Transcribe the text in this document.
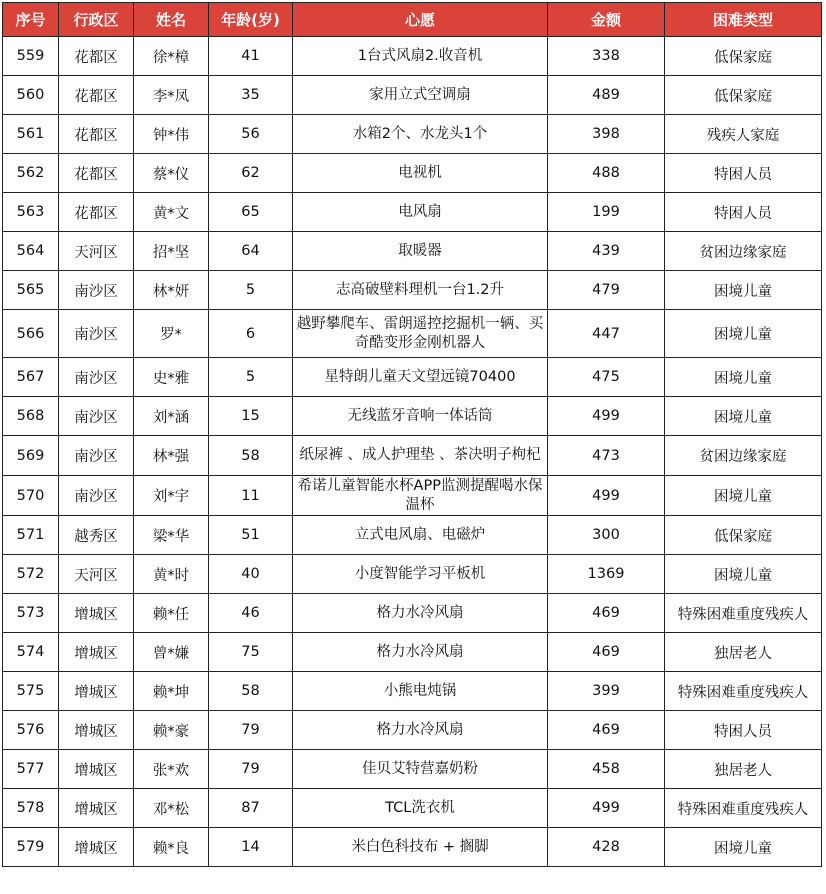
序号	行政区	姓名	年龄(岁)	心愿	金额	困难类型
559	花都区	徐*樟	41	1台式风扇2.收音机	338	低保家庭
560	花都区	李*凤	35	家用立式空调扇	489	低保家庭
561	花都区	钟*伟	56	水箱2个、水龙头1个	398	残疾人家庭
562	花都区	蔡*仪	62	电视机	488	特困人员
563	花都区	黄*文	65	电风扇	199	特困人员
564	天河区	招*坚	64	取暖器	439	贫困边缘家庭
565	南沙区	林*妍	5	志高破壁料理机一台1.2升	479	困境儿童
566	南沙区	罗*	6	越野攀爬车、雷朗遥控挖掘机一辆、买奇酷变形金刚机器人	447	困境儿童
567	南沙区	史*雅	5	星特朗儿童天文望远镜70400	475	困境儿童
568	南沙区	刘*涵	15	无线蓝牙音响一体话筒	499	困境儿童
569	南沙区	林*强	58	纸尿裤 、成人护理垫 、茶决明子枸杞	473	贫困边缘家庭
570	南沙区	刘*宇	11	希诺儿童智能水杯APP监测提醒喝水保温杯	499	困境儿童
571	越秀区	梁*华	51	立式电风扇、电磁炉	300	低保家庭
572	天河区	黄*时	40	小度智能学习平板机	1369	困境儿童
573	增城区	赖*任	46	格力水冷风扇	469	特殊困难重度残疾人
574	增城区	曾*嫌	75	格力水冷风扇	469	独居老人
575	增城区	赖*坤	58	小熊电炖锅	399	特殊困难重度残疾人
576	增城区	赖*豪	79	格力水冷风扇	469	特困人员
577	增城区	张*欢	79	佳贝艾特营嘉奶粉	458	独居老人
578	增城区	邓*松	87	TCL洗衣机	499	特殊困难重度残疾人
579	增城区	赖*良	14	米白色科技布 + 搁脚	428	困境儿童
